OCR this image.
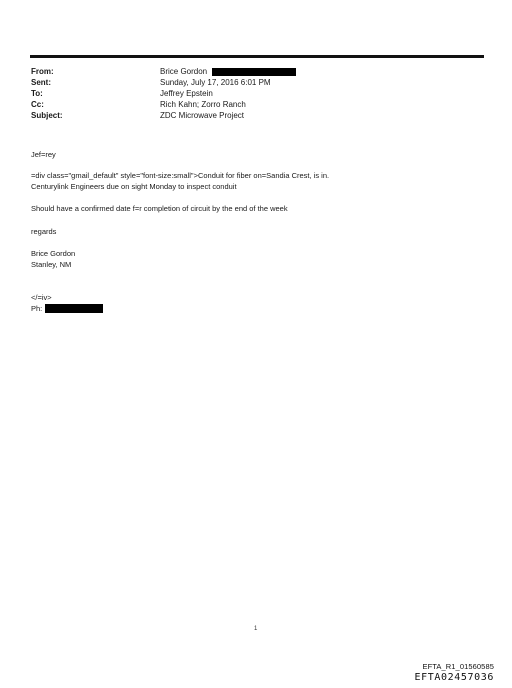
From:	Brice Gordon
Sent:	Sunday, July 17, 2016 6:01 PM
To:	Jeffrey Epstein
Cc:	Rich Kahn; Zorro Ranch
Subject:	ZDC Microwave Project
Jef=rey
=div class="gmail_default" style="font-size:small">Conduit for fiber on=Sandia Crest, is in.
Centurylink Engineers due on sight Monday to inspect conduit
Should have a confirmed date f=r completion of circuit by the end of the week
regards
Brice Gordon
Stanley, NM
</=iv>
Ph:
1
EFTA_R1_01560585
EFTA02457036
